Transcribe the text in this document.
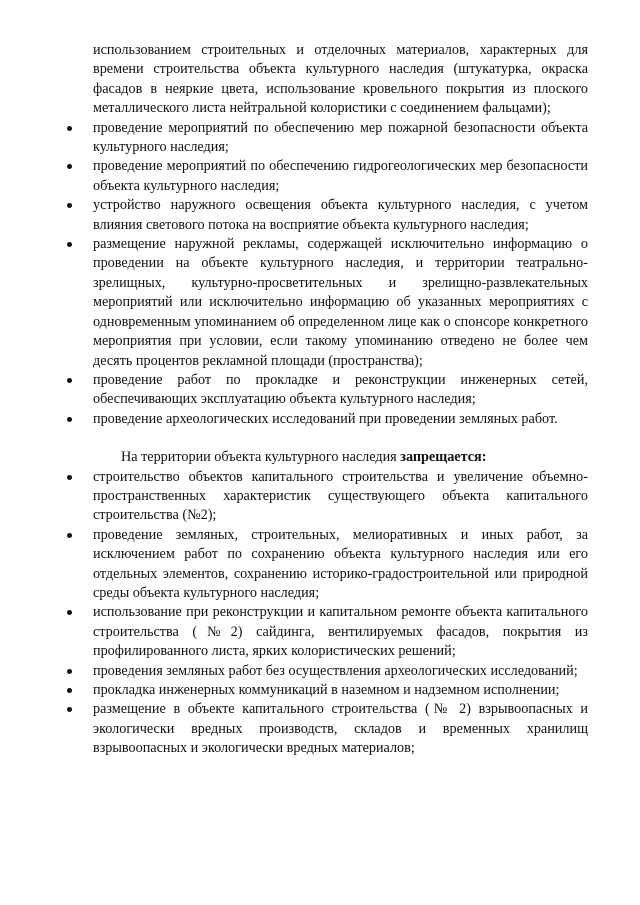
использованием строительных и отделочных материалов, характерных для времени строительства объекта культурного наследия (штукатурка, окраска фасадов в неяркие цвета, использование кровельного покрытия из плоского металлического листа нейтральной колористики с соединением фальцами);

проведение мероприятий по обеспечению мер пожарной безопасности объекта культурного наследия;
проведение мероприятий по обеспечению гидрогеологических мер безопасности объекта культурного наследия;
устройство наружного освещения объекта культурного наследия, с учетом влияния светового потока на восприятие объекта культурного наследия;
размещение наружной рекламы, содержащей исключительно информацию о проведении на объекте культурного наследия, и территории театрально-зрелищных, культурно-просветительных и зрелищно-развлекательных мероприятий или исключительно информацию об указанных мероприятиях с одновременным упоминанием об определенном лице как о спонсоре конкретного мероприятия при условии, если такому упоминанию отведено не более чем десять процентов рекламной площади (пространства);
проведение работ по прокладке и реконструкции инженерных сетей, обеспечивающих эксплуатацию объекта культурного наследия;
проведение археологических исследований при проведении земляных работ.

На территории объекта культурного наследия запрещается:

строительство объектов капитального строительства и увеличение объемно-пространственных характеристик существующего объекта капитального строительства (№2);
проведение земляных, строительных, мелиоративных и иных работ, за исключением работ по сохранению объекта культурного наследия или его отдельных элементов, сохранению историко-градостроительной или природной среды объекта культурного наследия;
использование при реконструкции и капитальном ремонте объекта капитального строительства (№2) сайдинга, вентилируемых фасадов, покрытия из профилированного листа, ярких колористических решений;
проведения земляных работ без осуществления археологических исследований;
прокладка инженерных коммуникаций в наземном и надземном исполнении;
размещение в объекте капитального строительства (№ 2) взрывоопасных и экологически вредных производств, складов и временных хранилищ взрывоопасных и экологически вредных материалов;
